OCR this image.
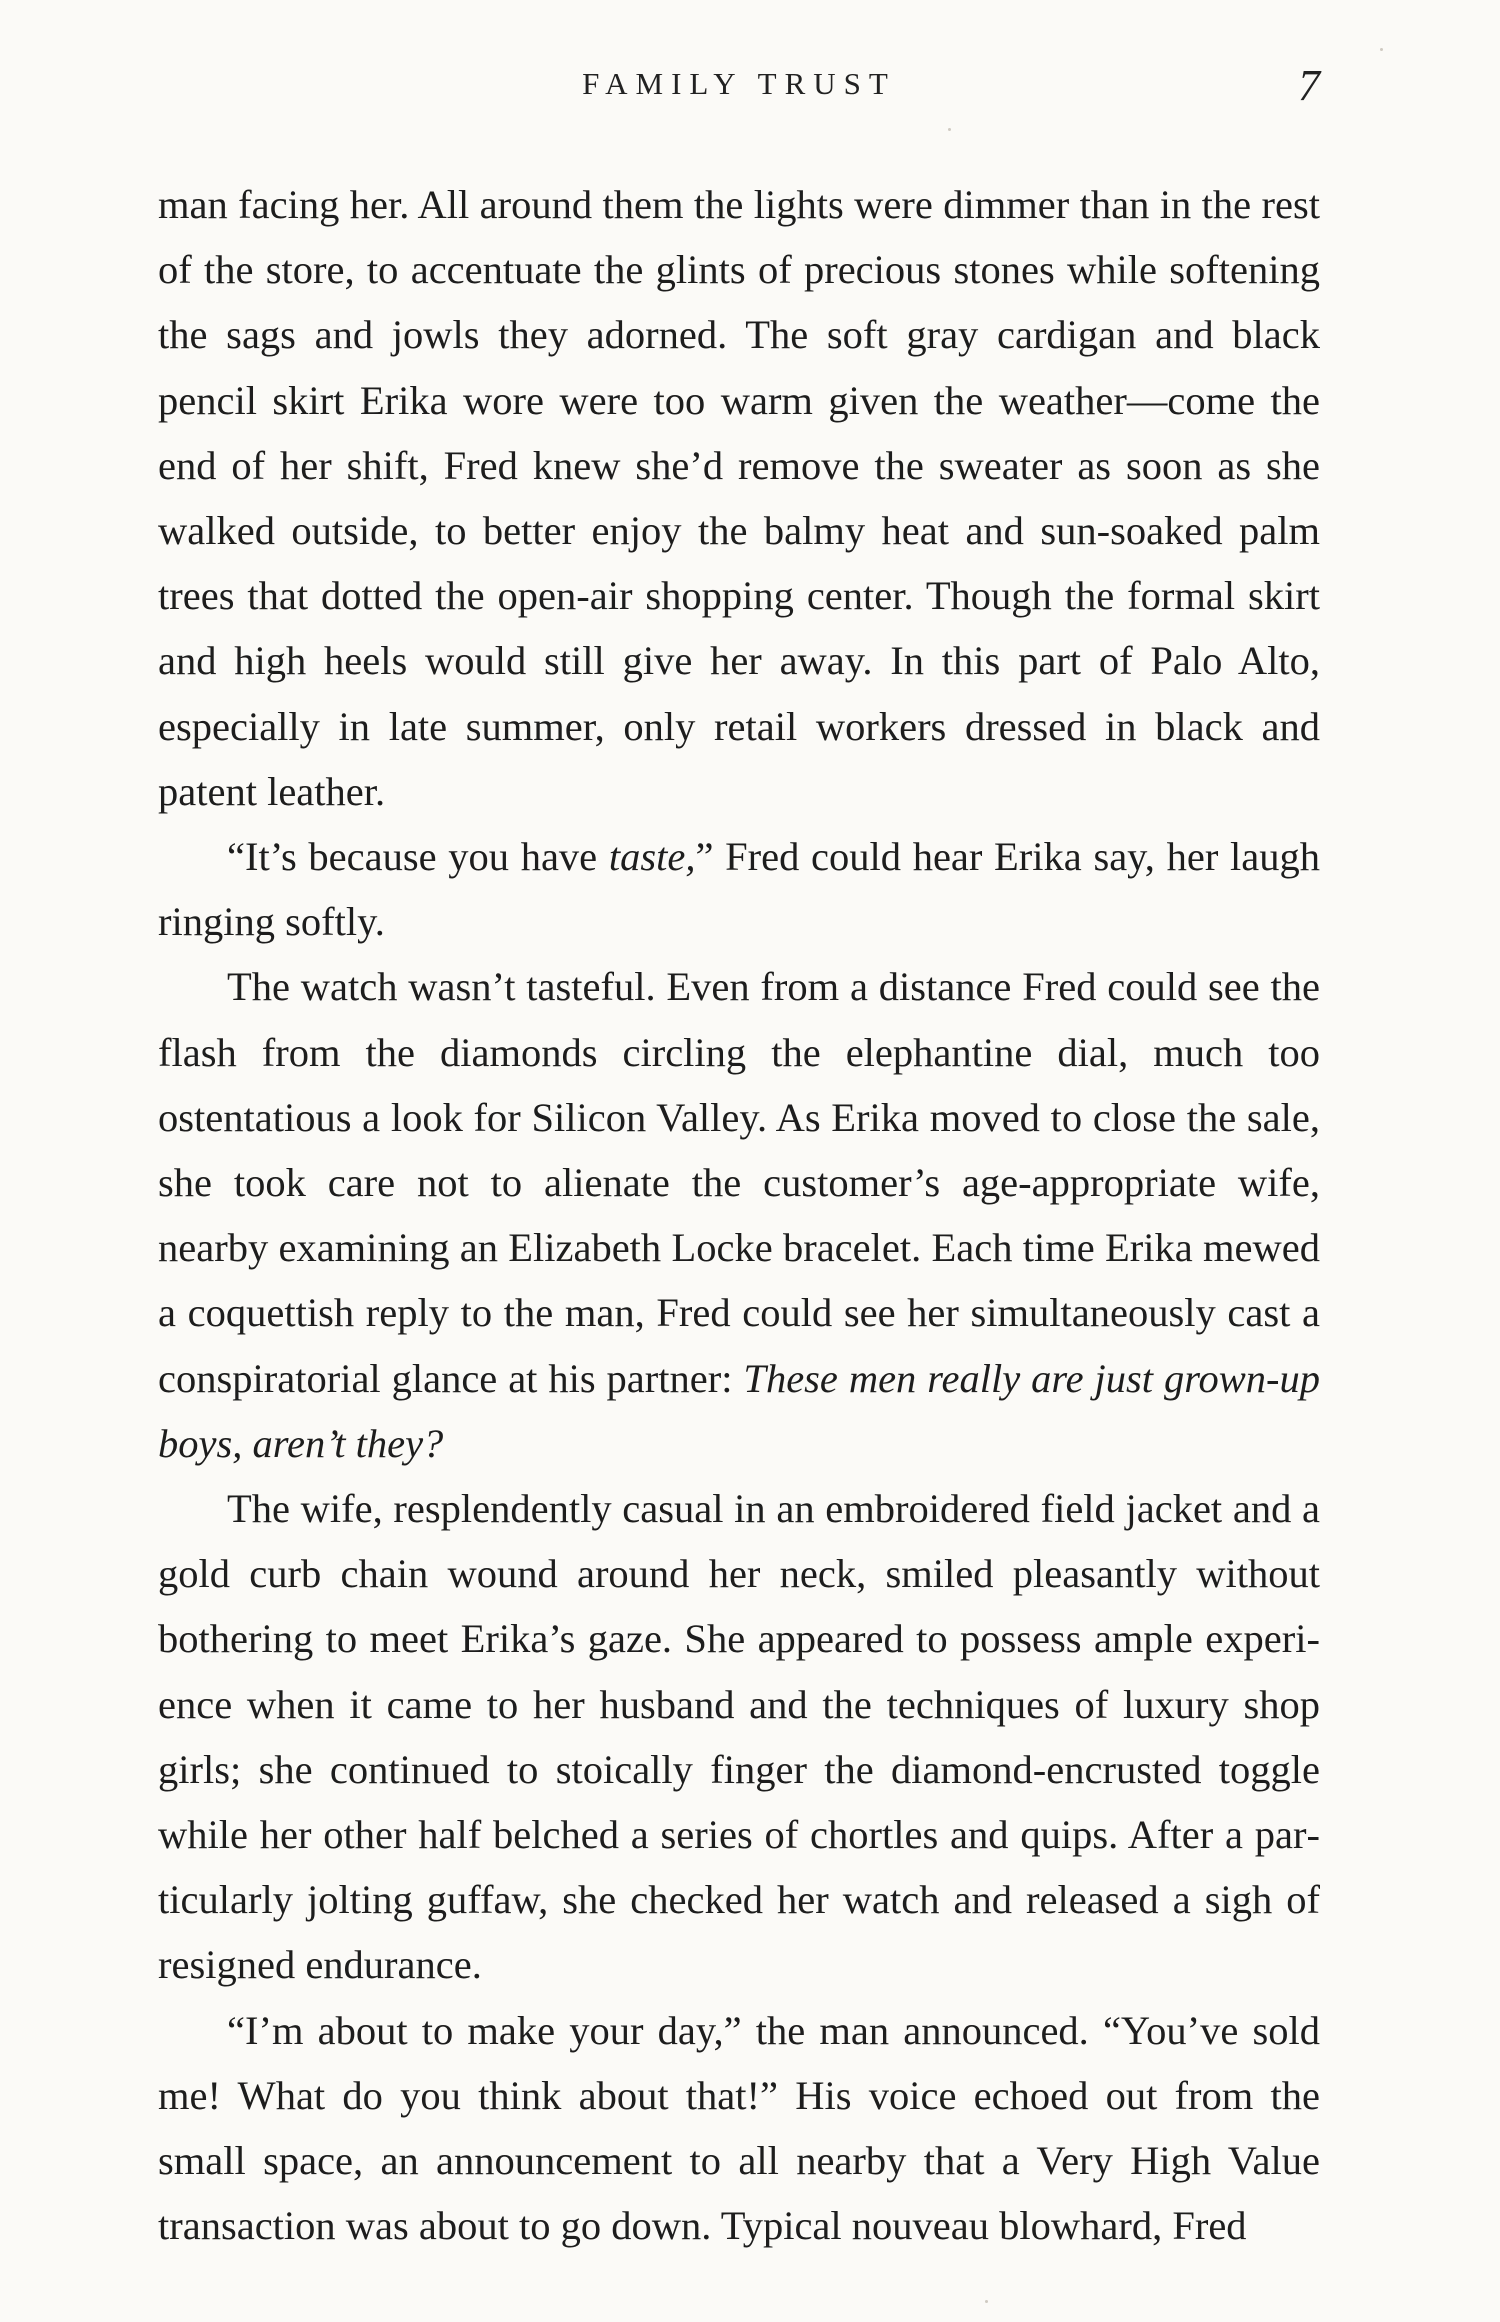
FAMILY TRUST	7

man facing her. All around them the lights were dimmer than in the rest of the store, to accentuate the glints of precious stones while softening the sags and jowls they adorned. The soft gray cardigan and black pencil skirt Erika wore were too warm given the weather—come the end of her shift, Fred knew she’d remove the sweater as soon as she walked outside, to better enjoy the balmy heat and sun-soaked palm trees that dotted the open-air shopping center. Though the formal skirt and high heels would still give her away. In this part of Palo Alto, especially in late summer, only retail workers dressed in black and patent leather.

“It’s because you have taste,” Fred could hear Erika say, her laugh ringing softly.

The watch wasn’t tasteful. Even from a distance Fred could see the flash from the diamonds circling the elephantine dial, much too ostentatious a look for Silicon Valley. As Erika moved to close the sale, she took care not to alienate the customer’s age-appropriate wife, nearby examining an Elizabeth Locke bracelet. Each time Erika mewed a coquettish reply to the man, Fred could see her simultaneously cast a conspiratorial glance at his partner: These men really are just grown-up boys, aren’t they?

The wife, resplendently casual in an embroidered field jacket and a gold curb chain wound around her neck, smiled pleasantly without bothering to meet Erika’s gaze. She appeared to possess ample experience when it came to her husband and the techniques of luxury shop girls; she continued to stoically finger the diamond-encrusted toggle while her other half belched a series of chortles and quips. After a particularly jolting guffaw, she checked her watch and released a sigh of resigned endurance.

“I’m about to make your day,” the man announced. “You’ve sold me! What do you think about that!” His voice echoed out from the small space, an announcement to all nearby that a Very High Value transaction was about to go down. Typical nouveau blowhard, Fred
